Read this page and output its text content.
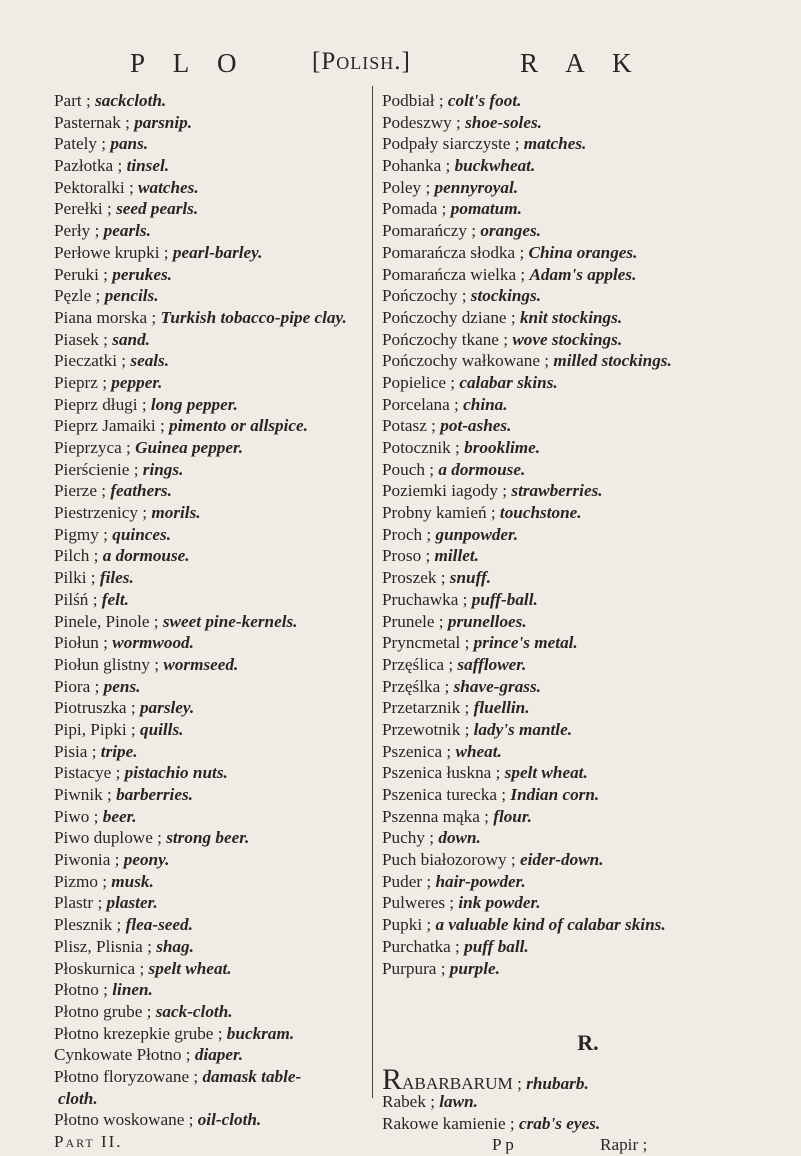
P L O	[Polish.]	R A K
Part ; sackcloth.
Pasternak ; parsnip.
Pately ; pans.
Pazłotka ; tinsel.
Pektoralki ; watches.
Perełki ; seed pearls.
Perły ; pearls.
Perłowe krupki ; pearl-barley.
Peruki ; perukes.
Pęzle ; pencils.
Piana morska ; Turkish tobacco-pipe clay.
Piasek ; sand.
Pieczatki ; seals.
Pieprz ; pepper.
Pieprz długi ; long pepper.
Pieprz Jamaiki ; pimento or allspice.
Pieprzyca ; Guinea pepper.
Pierścienie ; rings.
Pierze ; feathers.
Piestrzenicy ; morils.
Pigmy ; quinces.
Pilch ; a dormouse.
Pilki ; files.
Pilśń ; felt.
Pinele, Pinole ; sweet pine-kernels.
Piołun ; wormwood.
Piołun glistny ; wormseed.
Piora ; pens.
Piotruszka ; parsley.
Pipi, Pipki ; quills.
Pisia ; tripe.
Pistacye ; pistachio nuts.
Piwnik ; barberries.
Piwo ; beer.
Piwo duplowe ; strong beer.
Piwonia ; peony.
Pizmo ; musk.
Plastr ; plaster.
Plesznik ; flea-seed.
Plisz, Plisnia ; shag.
Płoskurnica ; spelt wheat.
Płotno ; linen.
Płotno grube ; sack-cloth.
Płotno krezepkie grube ; buckram.
Cynkowate Płotno ; diaper.
Płotno floryzowane ; damask table-
cloth.
Płotno woskowane ; oil-cloth.
Part II.
Podbiał ; colt's foot.
Podeszwy ; shoe-soles.
Podpały siarczyste ; matches.
Pohanka ; buckwheat.
Poley ; pennyroyal.
Pomada ; pomatum.
Pomarańczy ; oranges.
Pomarańcza słodka ; China oranges.
Pomarańcza wielka ; Adam's apples.
Pończochy ; stockings.
Pończochy dziane ; knit stockings.
Pończochy tkane ; wove stockings.
Pończochy wałkowane ; milled stockings.
Popielice ; calabar skins.
Porcelana ; china.
Potasz ; pot-ashes.
Potocznik ; brooklime.
Pouch ; a dormouse.
Poziemki iagody ; strawberries.
Probny kamień ; touchstone.
Proch ; gunpowder.
Proso ; millet.
Proszek ; snuff.
Pruchawka ; puff-ball.
Prunele ; prunelloes.
Pryncmetal ; prince's metal.
Przęślica ; safflower.
Przęślka ; shave-grass.
Przetarznik ; fluellin.
Przewotnik ; lady's mantle.
Pszenica ; wheat.
Pszenica łuskna ; spelt wheat.
Pszenica turecka ; Indian corn.
Pszenna mąka ; flour.
Puchy ; down.
Puch białozorowy ; eider-down.
Puder ; hair-powder.
Pulweres ; ink powder.
Pupki ; a valuable kind of calabar skins.
Purchatka ; puff ball.
Purpura ; purple.
R.
RABARBARUM ; rhubarb.
Rabek ; lawn.
Rakowe kamienie ; crab's eyes.
P p	Rapir ;
